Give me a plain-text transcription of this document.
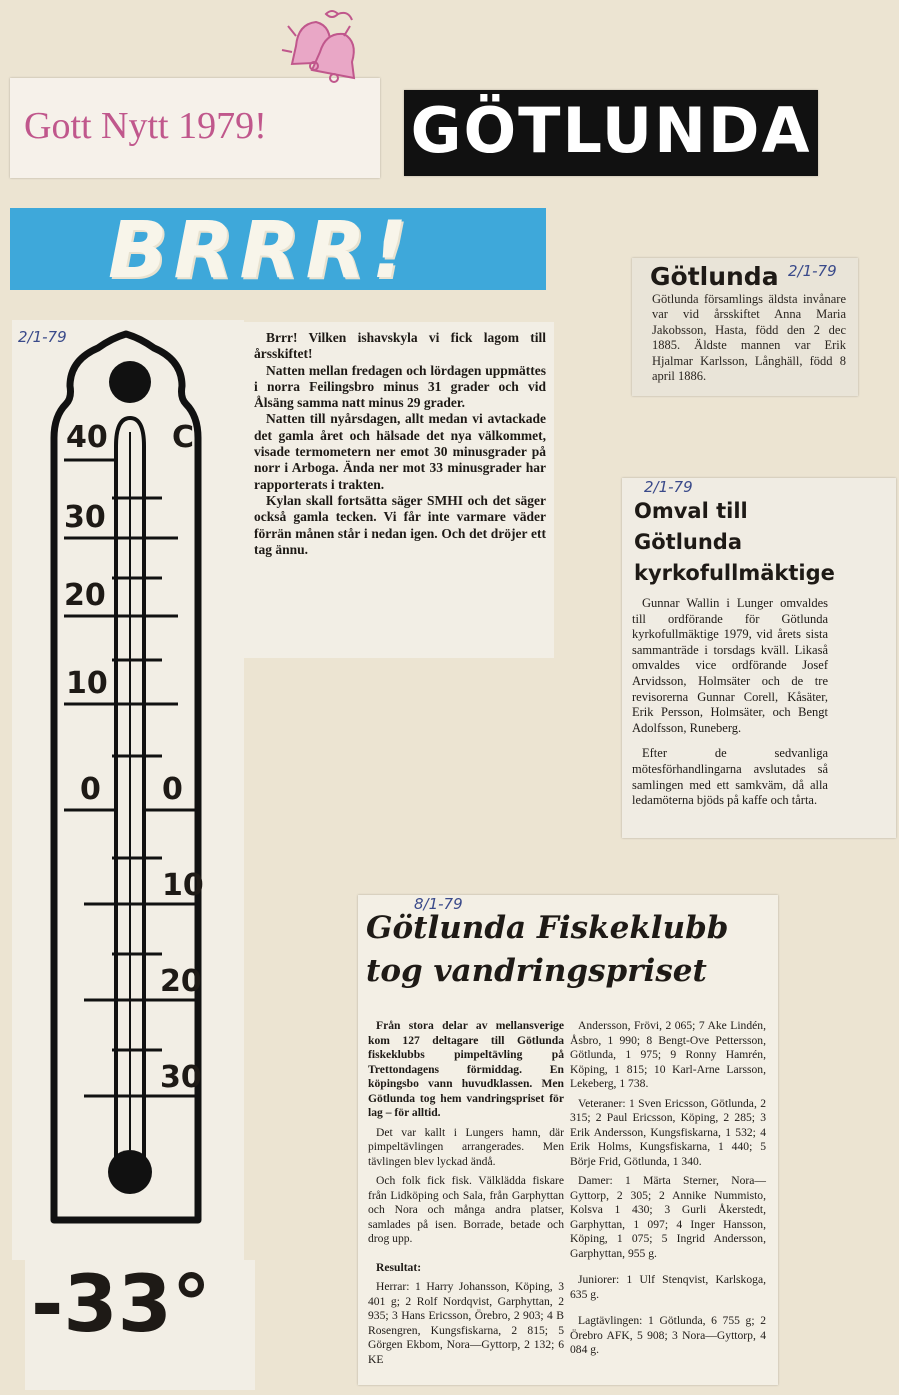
Gott Nytt 1979! GÖTLUNDA
BRRR!
2/1-79
40 C
30
20
10
0 0
10
20
30
-33°

Brrr! Vilken ishavskyla vi fick lagom till årsskiftet!

Natten mellan fredagen och lördagen uppmättes i norra Feilingsbro minus 31 grader och vid Ålsäng samma natt minus 29 grader.

Natten till nyårsdagen, allt medan vi avtackade det gamla året och hälsade det nya välkommet, visade termometern ner emot 30 minusgrader på norr i Arboga. Ända ner mot 33 minusgrader har rapporterats i trakten.

Kylan skall fortsätta säger SMHI och det säger också gamla tecken. Vi får inte varmare väder förrän månen står i nedan igen. Och det dröjer ett tag ännu.

Götlunda 2/1-79
Götlunda församlings äldsta invånare var vid årsskiftet Anna Maria Jakobsson, Hasta, född den 2 dec 1885. Äldste mannen var Erik Hjalmar Karlsson, Långhäll, född 8 april 1886.
2/1-79
Omval till
Götlunda
kyrkofullmäktige

Gunnar Wallin i Lunger omvaldes till ordförande för Götlunda kyrkofullmäktige 1979, vid årets sista sammanträde i torsdags kväll. Likaså omvaldes vice ordförande Josef Arvidsson, Holmsäter och de tre revisorerna Gunnar Corell, Kåsäter, Erik Persson, Holmsäter, och Bengt Adolfsson, Runeberg.

Efter de sedvanliga mötesförhandlingarna avslutades så samlingen med ett samkväm, då alla ledamöterna bjöds på kaffe och tårta.

8/1-79
Götlunda Fiskeklubb
tog vandringspriset

Från stora delar av mellansverige kom 127 deltagare till Götlunda fiskeklubbs pimpeltävling på Trettondagens förmiddag. En köpingsbo vann huvudklassen. Men Götlunda tog hem vandringspriset för lag – för alltid.

Det var kallt i Lungers hamn, där pimpeltävlingen arrangerades. Men tävlingen blev lyckad ändå.

Och folk fick fisk. Välklädda fiskare från Lidköping och Sala, från Garphyttan och Nora och många andra platser, samlades på isen. Borrade, betade och drog upp.

Resultat:

Herrar: 1 Harry Johansson, Köping, 3 401 g; 2 Rolf Nordqvist, Garphyttan, 2 935; 3 Hans Ericsson, Örebro, 2 903; 4 B Rosengren, Kungsfiskarna, 2 815; 5 Görgen Ekbom, Nora—Gyttorp, 2 132; 6 KE

Andersson, Frövi, 2 065; 7 Ake Lindén, Åsbro, 1 990; 8 Bengt-Ove Pettersson, Götlunda, 1 975; 9 Ronny Hamrén, Köping, 1 815; 10 Karl-Arne Larsson, Lekeberg, 1 738.

Veteraner: 1 Sven Ericsson, Götlunda, 2 315; 2 Paul Ericsson, Köping, 2 285; 3 Erik Andersson, Kungsfiskarna, 1 532; 4 Erik Holms, Kungsfiskarna, 1 440; 5 Börje Frid, Götlunda, 1 340.

Damer: 1 Märta Sterner, Nora—Gyttorp, 2 305; 2 Annike Nummisto, Kolsva 1 430; 3 Gurli Åkerstedt, Garphyttan, 1 097; 4 Inger Hansson, Köping, 1 075; 5 Ingrid Andersson, Garphyttan, 955 g.

Juniorer: 1 Ulf Stenqvist, Karlskoga, 635 g.

Lagtävlingen: 1 Götlunda, 6 755 g; 2 Örebro AFK, 5 908; 3 Nora—Gyttorp, 4 084 g.
